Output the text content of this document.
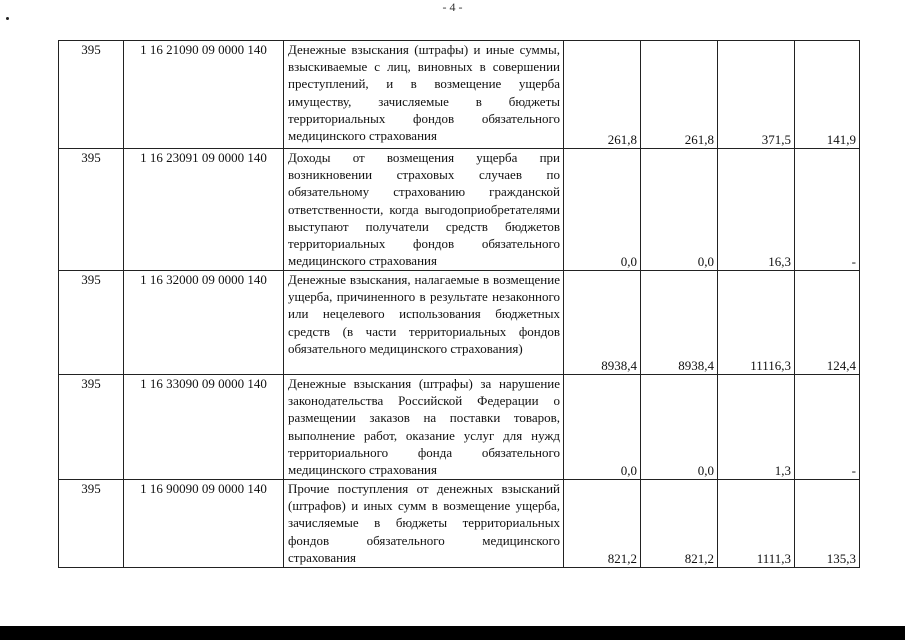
- 4 -
395	1 16 21090 09 0000 140	Денежные взыскания (штрафы) и иные суммы, взыскиваемые с лиц, виновных в совершении преступлений, и в возмещение ущерба имуществу, зачисляемые в бюджеты территориальных фондов обязательного медицинского страхования	261,8	261,8	371,5	141,9
395	1 16 23091 09 0000 140	Доходы от возмещения ущерба при возникновении страховых случаев по обязательному страхованию гражданской ответственности, когда выгодоприобретателями выступают получатели средств бюджетов территориальных фондов обязательного медицинского страхования	0,0	0,0	16,3	-
395	1 16 32000 09 0000 140	Денежные взыскания, налагаемые в возмещение ущерба, причиненного в результате незаконного или нецелевого использования бюджетных средств (в части территориальных фондов обязательного медицинского страхования)	8938,4	8938,4	11116,3	124,4
395	1 16 33090 09 0000 140	Денежные взыскания (штрафы) за нарушение законодательства Российской Федерации о размещении заказов на поставки товаров, выполнение работ, оказание услуг для нужд территориального фонда обязательного медицинского страхования	0,0	0,0	1,3	-
395	1 16 90090 09 0000 140	Прочие поступления от денежных взысканий (штрафов) и иных сумм в возмещение ущерба, зачисляемые в бюджеты территориальных фондов обязательного медицинского страхования	821,2	821,2	1111,3	135,3
